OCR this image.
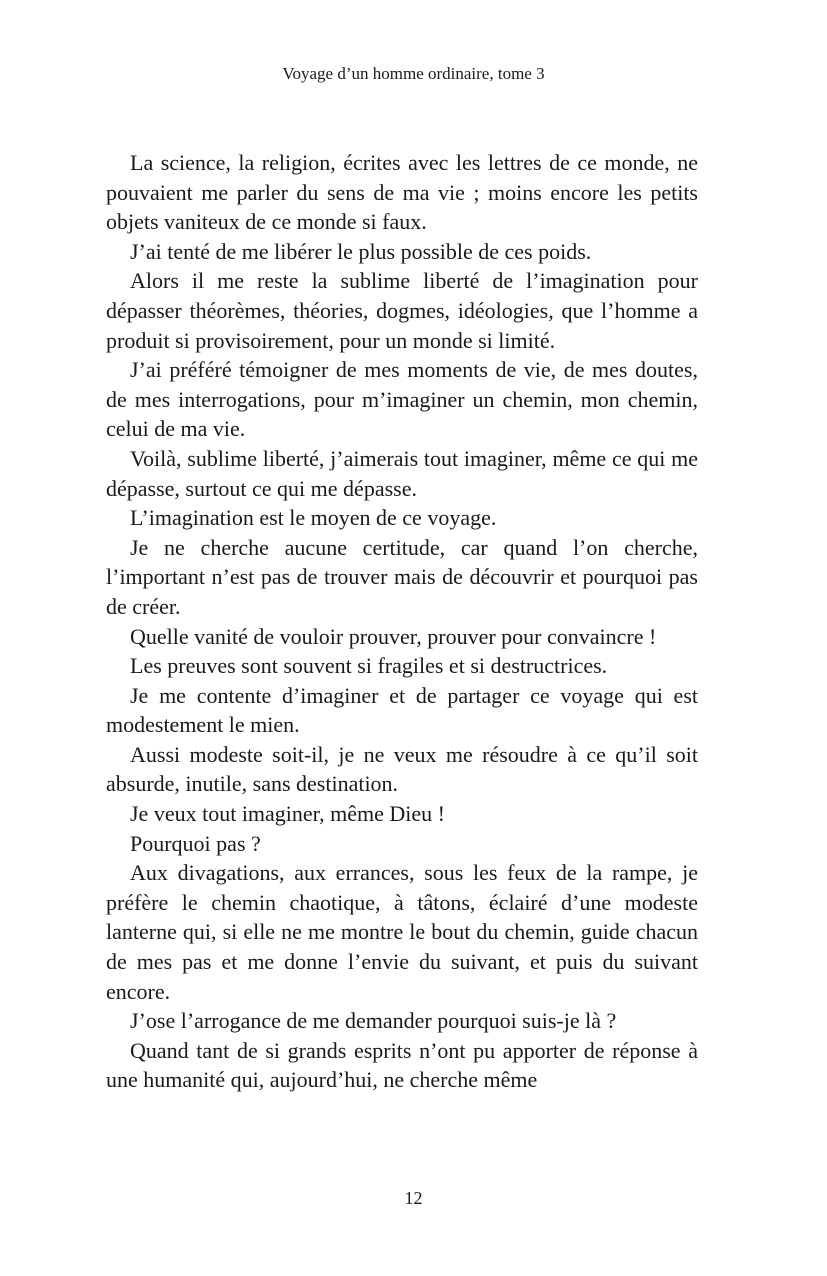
Voyage d’un homme ordinaire, tome 3

La science, la religion, écrites avec les lettres de ce monde, ne pouvaient me parler du sens de ma vie ; moins encore les petits objets vaniteux de ce monde si faux.

J’ai tenté de me libérer le plus possible de ces poids.

Alors il me reste la sublime liberté de l’imagination pour dépasser théorèmes, théories, dogmes, idéologies, que l’homme a produit si provisoirement, pour un monde si limité.

J’ai préféré témoigner de mes moments de vie, de mes doutes, de mes interrogations, pour m’imaginer un chemin, mon chemin, celui de ma vie.

Voilà, sublime liberté, j’aimerais tout imaginer, même ce qui me dépasse, surtout ce qui me dépasse.

L’imagination est le moyen de ce voyage.

Je ne cherche aucune certitude, car quand l’on cherche, l’important n’est pas de trouver mais de découvrir et pourquoi pas de créer.

Quelle vanité de vouloir prouver, prouver pour convaincre !

Les preuves sont souvent si fragiles et si destructrices.

Je me contente d’imaginer et de partager ce voyage qui est modestement le mien.

Aussi modeste soit-il, je ne veux me résoudre à ce qu’il soit absurde, inutile, sans destination.

Je veux tout imaginer, même Dieu !

Pourquoi pas ?

Aux divagations, aux errances, sous les feux de la rampe, je préfère le chemin chaotique, à tâtons, éclairé d’une modeste lanterne qui, si elle ne me montre le bout du chemin, guide chacun de mes pas et me donne l’envie du suivant, et puis du suivant encore.

J’ose l’arrogance de me demander pourquoi suis-je là ?

Quand tant de si grands esprits n’ont pu apporter de réponse à une humanité qui, aujourd’hui, ne cherche même

12
